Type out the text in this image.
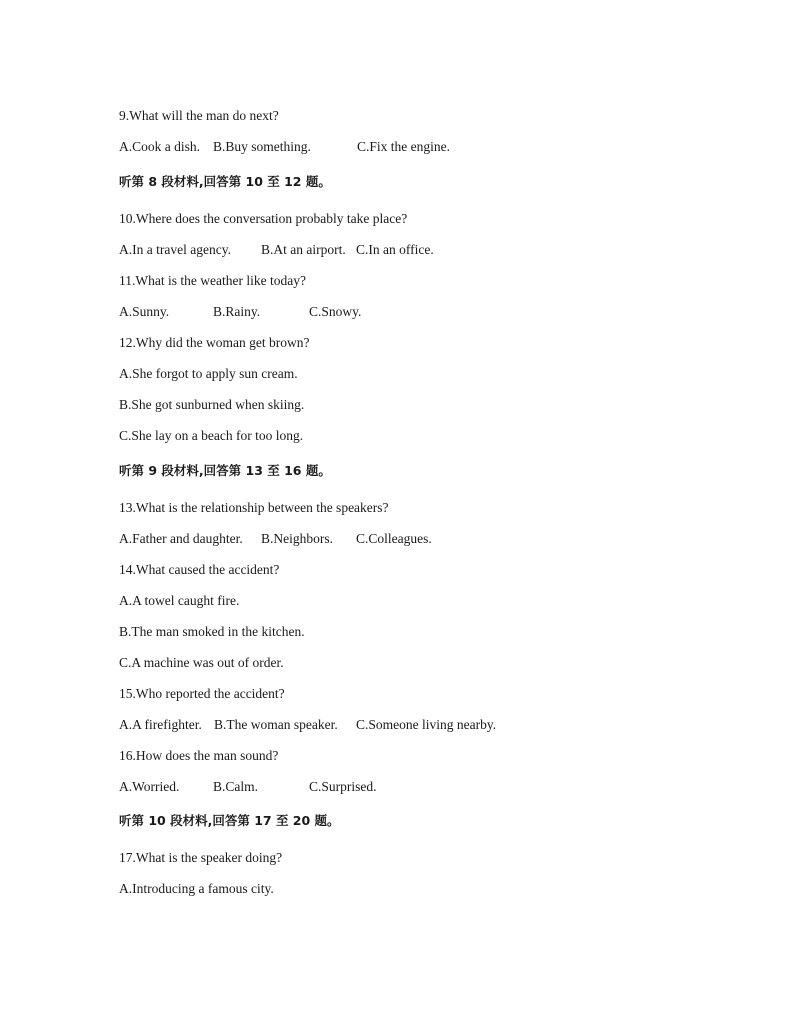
9.What will the man do next?
A.Cook a dish. B.Buy something.	C.Fix the engine.
听第 8 段材料,回答第 10 至 12 题。
10.Where does the conversation probably take place?
A.In a travel agency. B.At an airport. C.In an office.
11.What is the weather like today?
A.Sunny.	B.Rainy.	C.Snowy.
12.Why did the woman get brown?
A.She forgot to apply sun cream.
B.She got sunburned when skiing.
C.She lay on a beach for too long.
听第 9 段材料,回答第 13 至 16 题。
13.What is the relationship between the speakers?
A.Father and daughter. B.Neighbors. C.Colleagues.
14.What caused the accident?
A.A towel caught fire.
B.The man smoked in the kitchen.
C.A machine was out of order.
15.Who reported the accident?
A.A firefighter. B.The woman speaker. C.Someone living nearby.
16.How does the man sound?
A.Worried. B.Calm.	C.Surprised.
听第 10 段材料,回答第 17 至 20 题。
17.What is the speaker doing?
A.Introducing a famous city.
